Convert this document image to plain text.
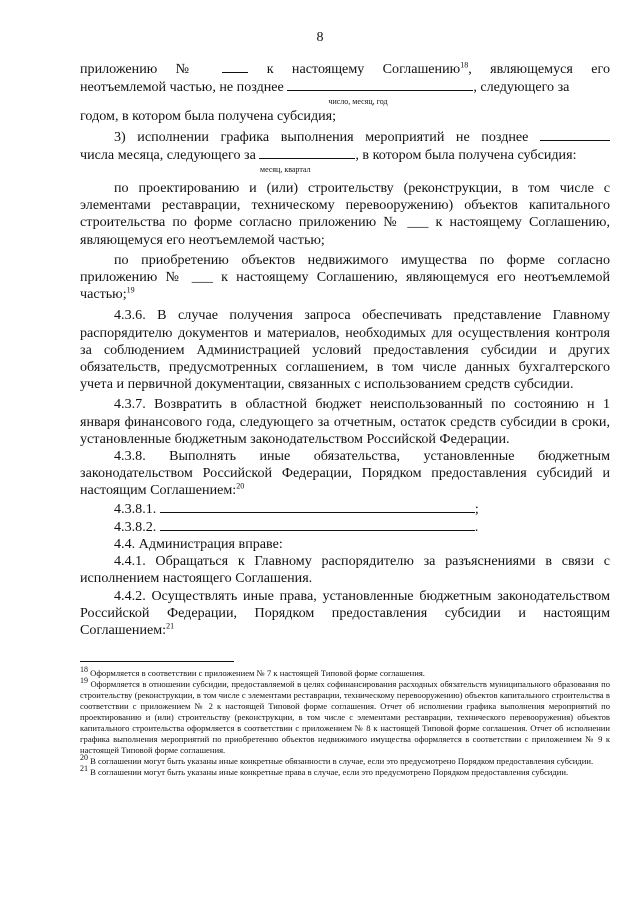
8

приложению №	к настоящему Соглашению$^{18}$, являющемуся его

неотъемлемой частью, не позднее	, следующего за

число, месяц, год

годом, в котором была получена субсидия;

3) исполнении графика выполнения мероприятий не позднее

числа месяца, следующего за	, в котором была получена субсидия:

месяц, квартал

по проектированию и (или) строительству (реконструкции, в том числе с элементами реставрации, техническому перевооружению) объектов капитального строительства по форме согласно приложению № ___ к настоящему Соглашению, являющемуся его неотъемлемой частью;

по приобретению объектов недвижимого имущества по форме согласно приложению № ___ к настоящему Соглашению, являющемуся его неотъемлемой частью;$^{19}$

4.3.6. В случае получения запроса обеспечивать представление Главному распорядителю документов и материалов, необходимых для осуществления контроля за соблюдением Администрацией условий предоставления субсидии и других обязательств, предусмотренных соглашением, в том числе данных бухгалтерского учета и первичной документации, связанных с использованием средств субсидии.

4.3.7. Возвратить в областной бюджет неиспользованный по состоянию н 1 января финансового года, следующего за отчетным, остаток средств субсидии в сроки, установленные бюджетным законодательством Российской Федерации.

4.3.8. Выполнять иные обязательства, установленные бюджетным законодательством Российской Федерации, Порядком предоставления субсидий и настоящим Соглашением:$^{20}$

4.3.8.1.	;

4.3.8.2.	.

4.4. Администрация вправе:

4.4.1. Обращаться к Главному распорядителю за разъяснениями в связи с исполнением настоящего Соглашения.

4.4.2. Осуществлять иные права, установленные бюджетным законодательством Российской Федерации, Порядком предоставления субсидии и настоящим Соглашением:$^{21}$

$^{18}$ Оформляется в соответствии с приложением № 7 к настоящей Типовой форме соглашения.

$^{19}$ Оформляется в отношении субсидии, предоставляемой в целях софинансирования расходных обязательств муниципального образования по строительству (реконструкции, в том числе с элементами реставрации, техническому перевооружению) объектов капитального строительства в соответствии с приложением № 2 к настоящей Типовой форме соглашения. Отчет об исполнении графика выполнения мероприятий по проектированию и (или) строительству (реконструкции, в том числе с элементами реставрации, технического перевооружения) объектов капитального строительства оформляется в соответствии с приложением № 8 к настоящей Типовой форме соглашения. Отчет об исполнении графика выполнения мероприятий по приобретению объектов недвижимого имущества оформляется в соответствии с приложением № 9 к настоящей Типовой форме соглашения.

$^{20}$ В соглашении могут быть указаны иные конкретные обязанности в случае, если это предусмотрено Порядком предоставления субсидии.

$^{21}$ В соглашении могут быть указаны иные конкретные права в случае, если это предусмотрено Порядком предоставления субсидии.
